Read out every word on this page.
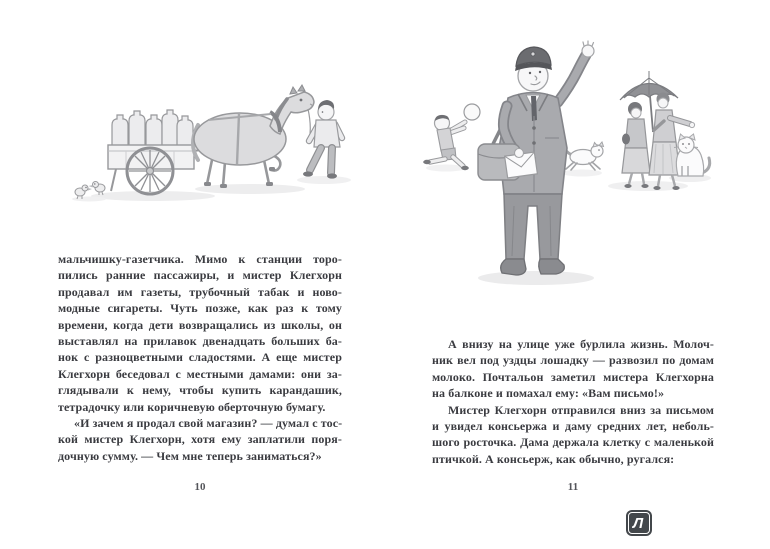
мальчишку-газетчика. Мимо к станции торо-
пились ранние пассажиры, и мистер Клегхорн
продавал им газеты, трубочный табак и ново-
модные сигареты. Чуть позже, как раз к тому
времени, когда дети возвращались из школы, он
выставлял на прилавок двенадцать больших ба-
нок с разноцветными сладостями. А еще мистер
Клегхорн беседовал с местными дамами: они за-
глядывали к нему, чтобы купить карандашик,
тетрадочку или коричневую оберточную бумагу.
«И зачем я продал свой магазин? — думал с тос-
кой мистер Клегхорн, хотя ему заплатили поря-
дочную сумму. — Чем мне теперь заниматься?»
А внизу на улице уже бурлила жизнь. Молоч-
ник вел под уздцы лошадку — развозил по домам
молоко. Почтальон заметил мистера Клегхорна
на балконе и помахал ему: «Вам письмо!»
Мистер Клегхорн отправился вниз за письмом
и увидел консьержа и даму средних лет, неболь-
шого росточка. Дама держала клетку с маленькой
птичкой. А консьерж, как обычно, ругался:
10	11
Л
